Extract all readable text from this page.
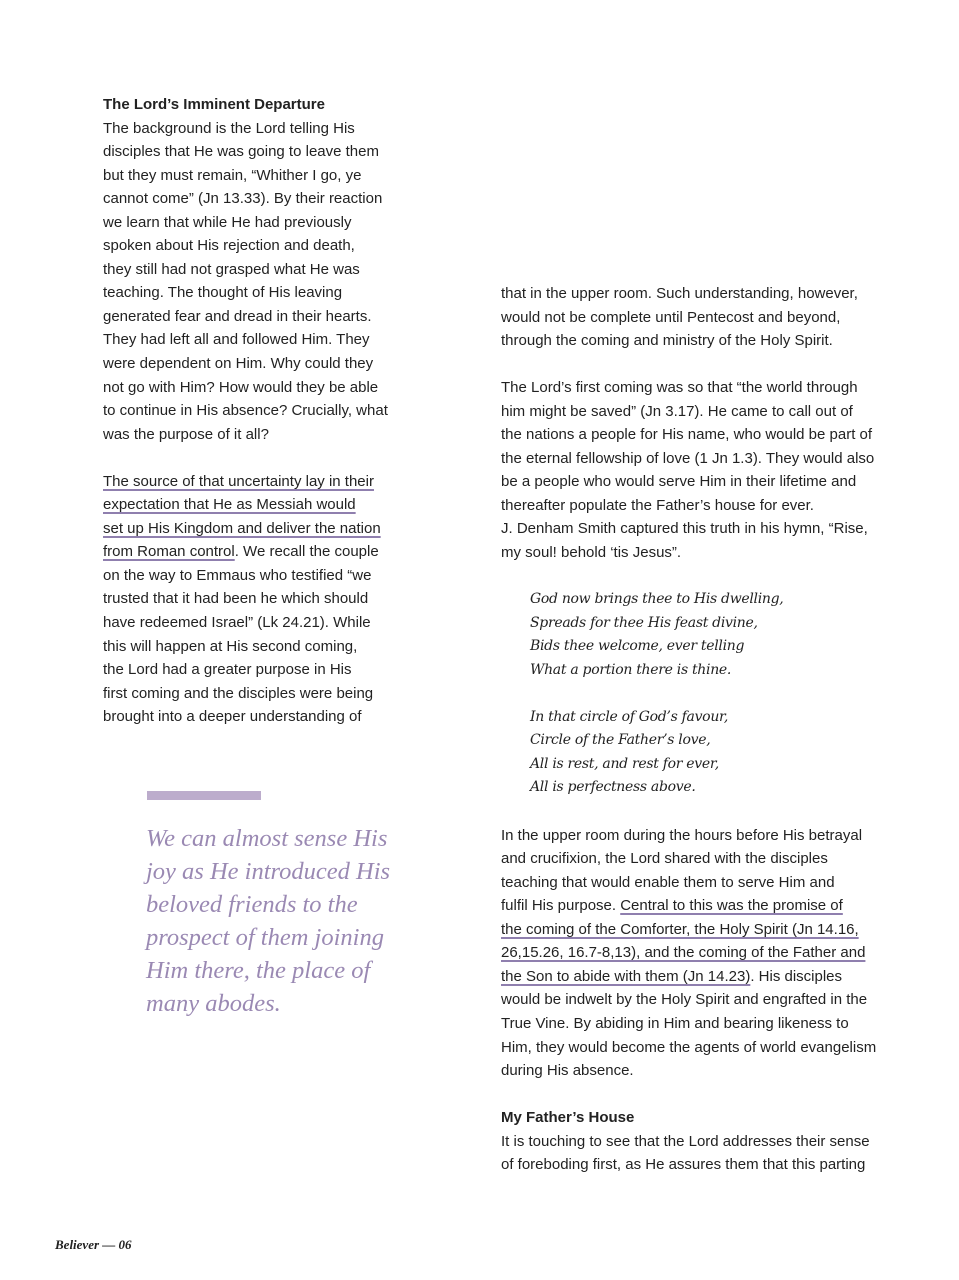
The Lord’s Imminent Departure
The background is the Lord telling His
disciples that He was going to leave them
but they must remain, “Whither I go, ye
cannot come” (Jn 13.33). By their reaction
we learn that while He had previously
spoken about His rejection and death,
they still had not grasped what He was
teaching. The thought of His leaving
generated fear and dread in their hearts.
They had left all and followed Him. They
were dependent on Him. Why could they
not go with Him? How would they be able
to continue in His absence? Crucially, what
was the purpose of it all?
The source of that uncertainty lay in their
expectation that He as Messiah would
set up His Kingdom and deliver the nation
from Roman control. We recall the couple
on the way to Emmaus who testified “we
trusted that it had been he which should
have redeemed Israel” (Lk 24.21). While
this will happen at His second coming,
the Lord had a greater purpose in His
first coming and the disciples were being
brought into a deeper understanding of
that in the upper room. Such understanding, however,
would not be complete until Pentecost and beyond,
through the coming and ministry of the Holy Spirit.
The Lord’s first coming was so that “the world through
him might be saved” (Jn 3.17). He came to call out of
the nations a people for His name, who would be part of
the eternal fellowship of love (1 Jn 1.3). They would also
be a people who would serve Him in their lifetime and
thereafter populate the Father’s house for ever.
J. Denham Smith captured this truth in his hymn, “Rise,
my soul! behold ‘tis Jesus”.
God now brings thee to His dwelling,
Spreads for thee His feast divine,
Bids thee welcome, ever telling
What a portion there is thine.
In that circle of God’s favour,
Circle of the Father’s love,
All is rest, and rest for ever,
All is perfectness above.
In the upper room during the hours before His betrayal
and crucifixion, the Lord shared with the disciples
teaching that would enable them to serve Him and
fulfil His purpose. Central to this was the promise of
the coming of the Comforter, the Holy Spirit (Jn 14.16,
26,15.26, 16.7-8,13), and the coming of the Father and
the Son to abide with them (Jn 14.23). His disciples
would be indwelt by the Holy Spirit and engrafted in the
True Vine. By abiding in Him and bearing likeness to
Him, they would become the agents of world evangelism
during His absence.
My Father’s House
It is touching to see that the Lord addresses their sense
of foreboding first, as He assures them that this parting
We can almost sense His
joy as He introduced His
beloved friends to the
prospect of them joining
Him there, the place of
many abodes.
Believer — 06
